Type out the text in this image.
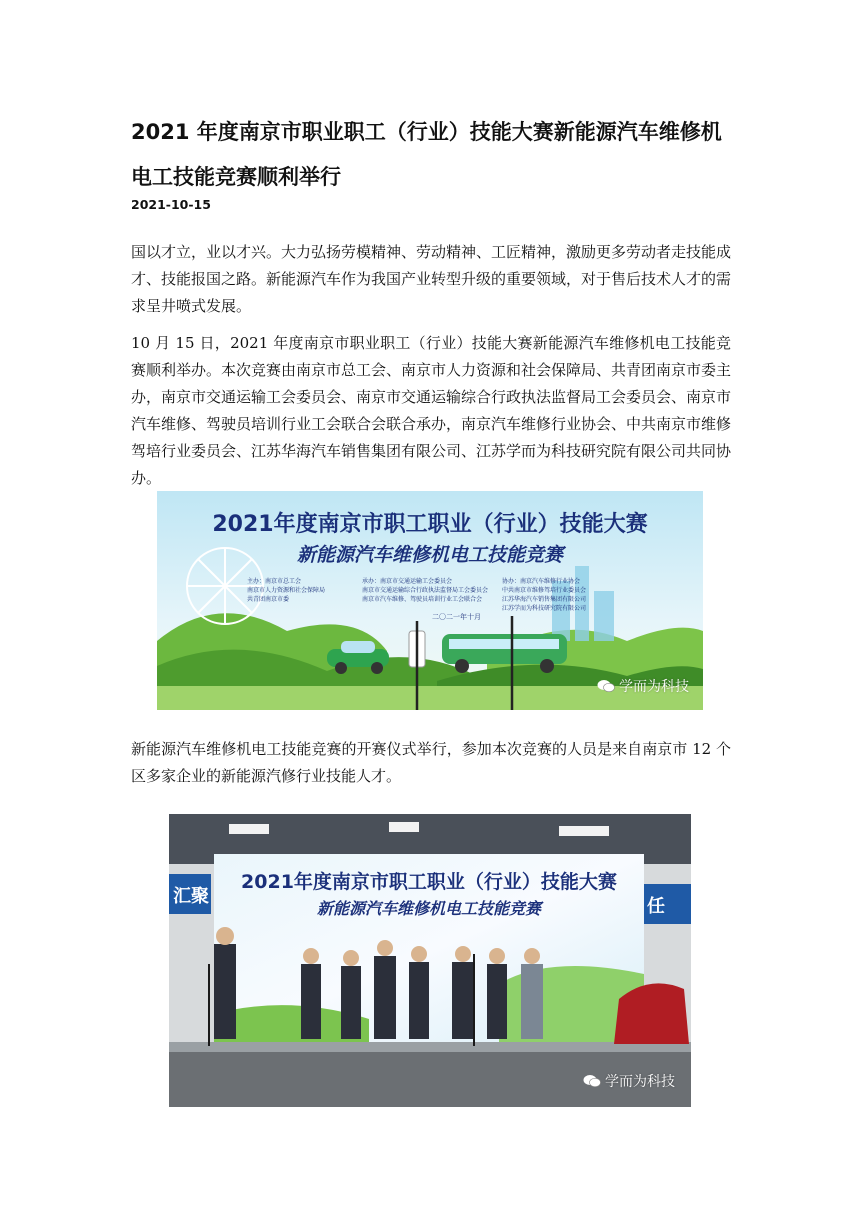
2021 年度南京市职业职工（行业）技能大赛新能源汽车维修机电工技能竞赛顺利举行
2021-10-15

国以才立，业以才兴。大力弘扬劳模精神、劳动精神、工匠精神，激励更多劳动者走技能成才、技能报国之路。新能源汽车作为我国产业转型升级的重要领域，对于售后技术人才的需求呈井喷式发展。

10 月 15 日，2021 年度南京市职业职工（行业）技能大赛新能源汽车维修机电工技能竞赛顺利举办。本次竞赛由南京市总工会、南京市人力资源和社会保障局、共青团南京市委主办，南京市交通运输工会委员会、南京市交通运输综合行政执法监督局工会委员会、南京市汽车维修、驾驶员培训行业工会联合会联合承办，南京汽车维修行业协会、中共南京市维修驾培行业委员会、江苏华海汽车销售集团有限公司、江苏学而为科技研究院有限公司共同协办。

2021年度南京市职工职业（行业）技能大赛
新能源汽车维修机电工技能竞赛
主办：南京市总工会
南京市人力资源和社会保障局
共青团南京市委
承办：南京市交通运输工会委员会
南京市交通运输综合行政执法监督局工会委员会
南京市汽车维修、驾驶员培训行业工会联合会
协办：南京汽车维修行业协会
中共南京市维修驾培行业委员会
江苏华海汽车销售集团有限公司
江苏学而为科技研究院有限公司
二〇二一年十月
学而为科技

新能源汽车维修机电工技能竞赛的开赛仪式举行，参加本次竞赛的人员是来自南京市 12 个区多家企业的新能源汽修行业技能人才。

汇聚	任
2021年度南京市职工职业（行业）技能大赛
新能源汽车维修机电工技能竞赛
学而为科技
